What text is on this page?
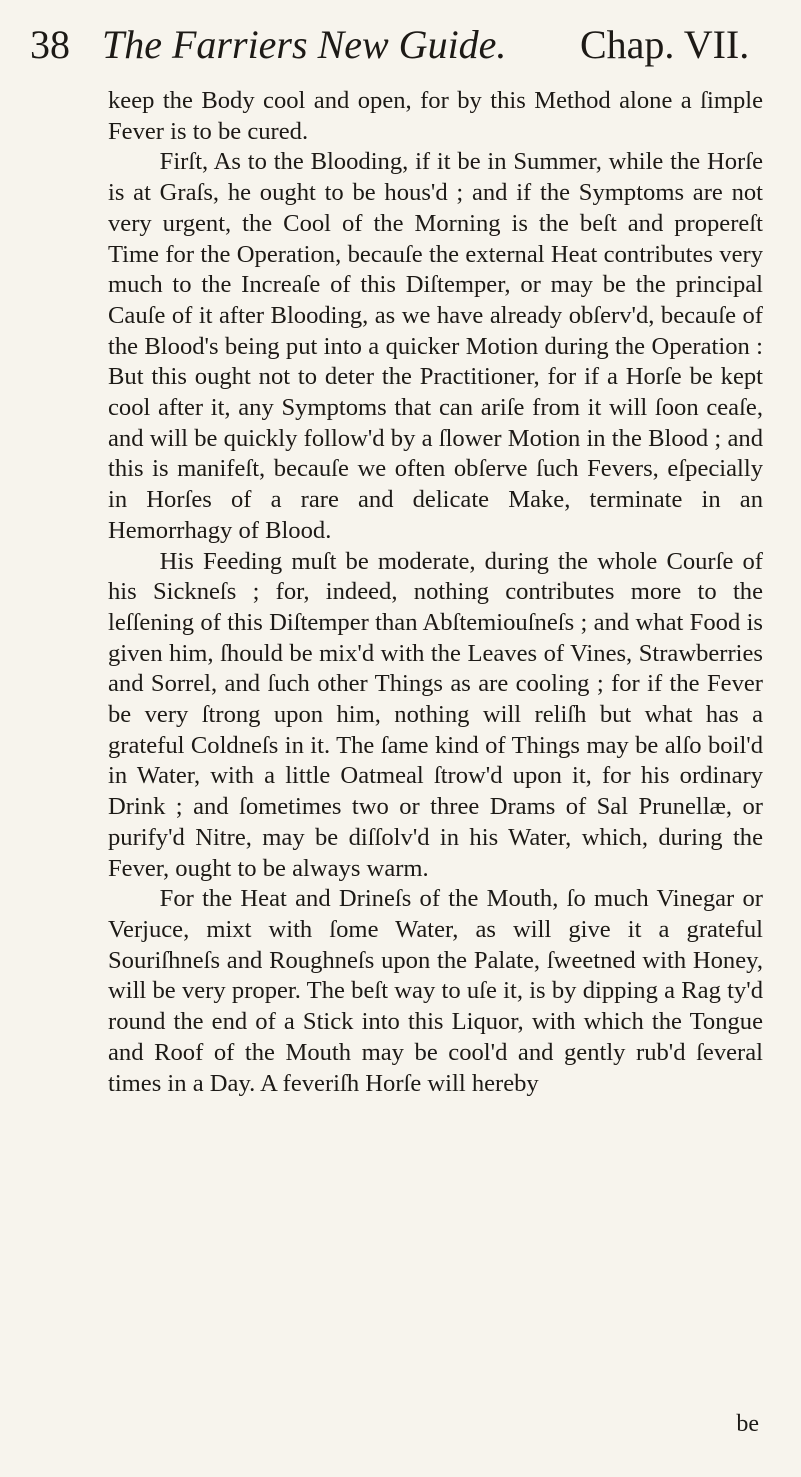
38 The Farriers New Guide. Chap. VII.

keep the Body cool and open, for by this Method alone a ſimple Fever is to be cured.

Firſt, As to the Blooding, if it be in Summer, while the Horſe is at Graſs, he ought to be hous'd ; and if the Symptoms are not very urgent, the Cool of the Morning is the beſt and propereſt Time for the Operation, becauſe the external Heat contributes very much to the Increaſe of this Diſtemper, or may be the principal Cauſe of it after Blooding, as we have already obſerv'd, becauſe of the Blood's being put into a quicker Motion during the Operation : But this ought not to deter the Practitioner, for if a Horſe be kept cool after it, any Symptoms that can ariſe from it will ſoon ceaſe, and will be quickly follow'd by a ſlower Motion in the Blood ; and this is manifeſt, becauſe we often obſerve ſuch Fevers, eſpecially in Horſes of a rare and delicate Make, terminate in an Hemorrhagy of Blood.

His Feeding muſt be moderate, during the whole Courſe of his Sickneſs ; for, indeed, nothing contributes more to the leſſening of this Diſtemper than Abſtemiouſneſs ; and what Food is given him, ſhould be mix'd with the Leaves of Vines, Strawberries and Sorrel, and ſuch other Things as are cooling ; for if the Fever be very ſtrong upon him, nothing will reliſh but what has a grateful Coldneſs in it. The ſame kind of Things may be alſo boil'd in Water, with a little Oatmeal ſtrow'd upon it, for his ordinary Drink ; and ſometimes two or three Drams of Sal Prunellæ, or purify'd Nitre, may be diſſolv'd in his Water, which, during the Fever, ought to be always warm.

For the Heat and Drineſs of the Mouth, ſo much Vinegar or Verjuce, mixt with ſome Water, as will give it a grateful Souriſhneſs and Roughneſs upon the Palate, ſweetned with Honey, will be very proper. The beſt way to uſe it, is by dipping a Rag ty'd round the end of a Stick into this Liquor, with which the Tongue and Roof of the Mouth may be cool'd and gently rub'd ſeveral times in a Day. A feveriſh Horſe will hereby

be
